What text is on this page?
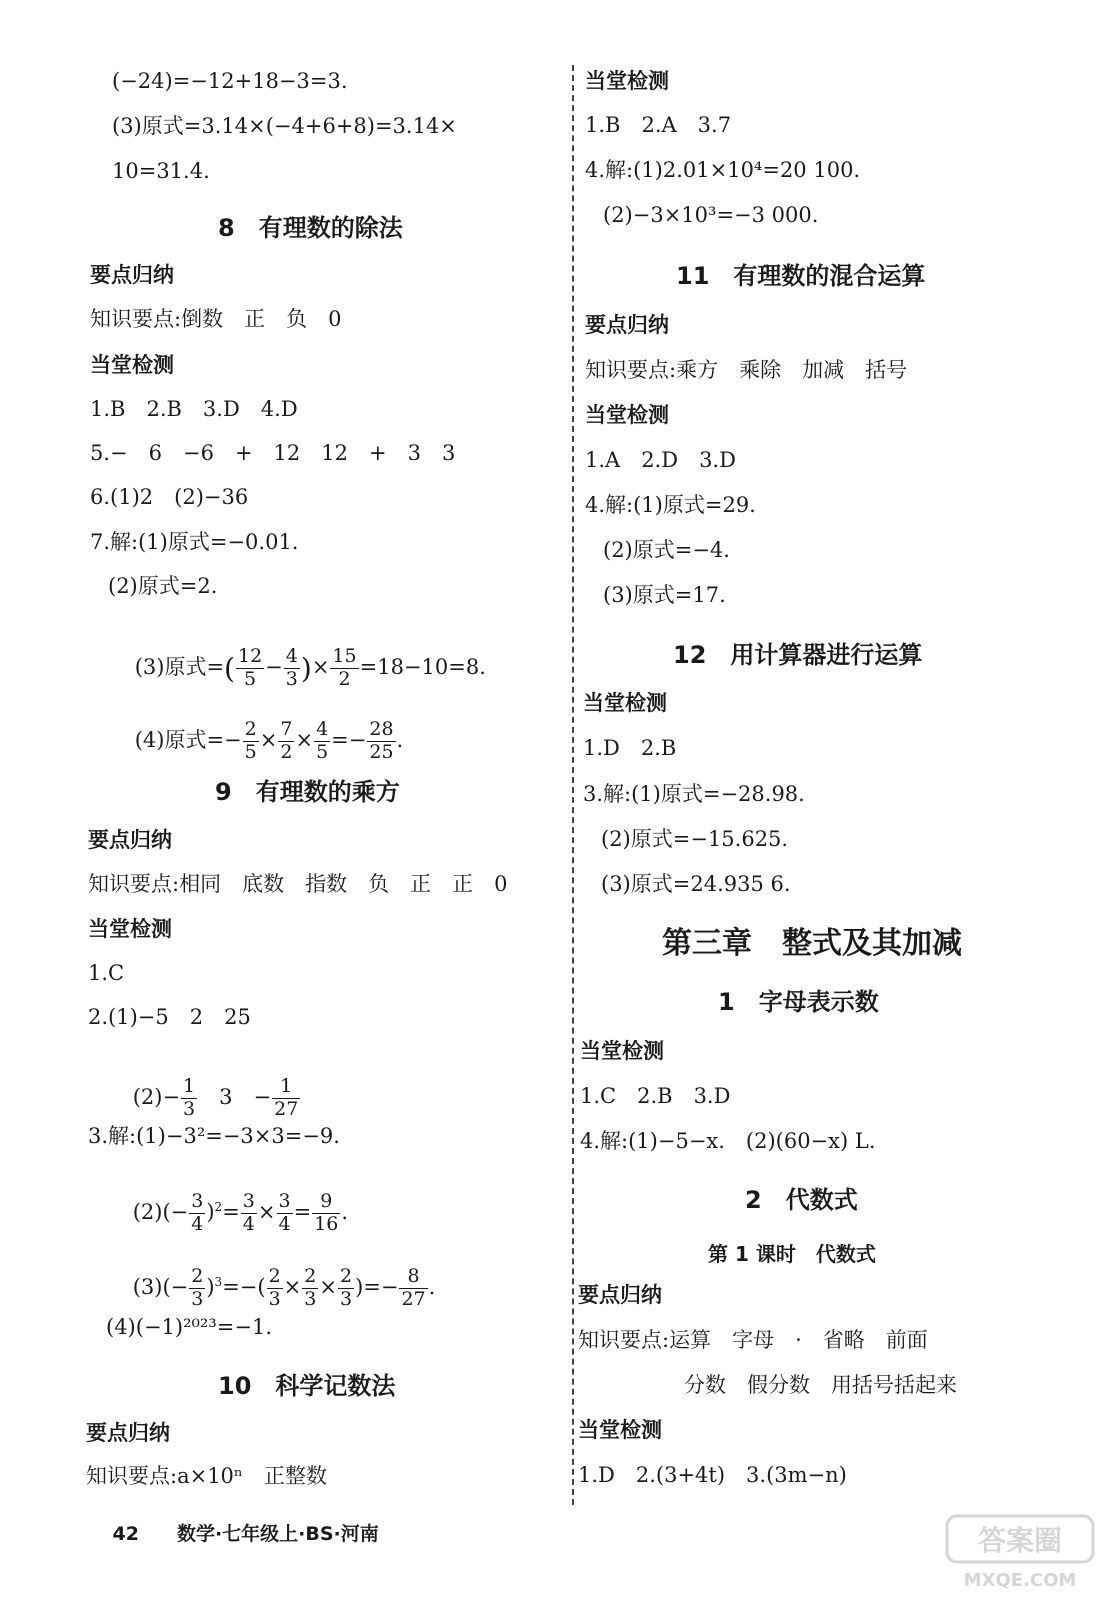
(−24)=−12+18−3=3.
(3)原式=3.14×(−4+6+8)=3.14×
10=31.4.
8　有理数的除法
要点归纳
知识要点:倒数　正　负　0
当堂检测
1.B　2.B　3.D　4.D
5.−　6　−6　+　12　12　+　3　3
6.(1)2　(2)−36
7.解:(1)原式=−0.01.
(2)原式=2.

(3)原式=( $\frac{12}{5} - \frac{4}{3}$ )× $\frac{15}{2} =18-10=8$.

(4)原式=− $\frac{2}{5} \times \frac{7}{2} \times \frac{4}{5} =- \frac{28}{25}$ .

9　有理数的乘方
要点归纳
知识要点:相同　底数　指数　负　正　正　0
当堂检测
1.C
2.(1)−5　2　25

$(2)- \frac{1}{3}$ 　3　− $\frac{1}{27}$

3.解:(1)−3²=−3×3=−9.

$(2)(- \frac{3}{4} )^2= \frac{3}{4} \times \frac{3}{4} = \frac{9}{16}$ .

$(3)(- \frac{2}{3} )^3=-( \frac{2}{3} \times \frac{2}{3} \times \frac{2}{3}$ )=− $\frac{8}{27}$ .

(4)(−1)²⁰²³=−1.
10　科学记数法
要点归纳
知识要点:a×10ⁿ　正整数
当堂检测
1.B　2.A　3.7
4.解:(1)2.01×10⁴=20 100.
(2)−3×10³=−3 000.
11　有理数的混合运算
要点归纳
知识要点:乘方　乘除　加减　括号
当堂检测
1.A　2.D　3.D
4.解:(1)原式=29.
(2)原式=−4.
(3)原式=17.
12　用计算器进行运算
当堂检测
1.D　2.B
3.解:(1)原式=−28.98.
(2)原式=−15.625.
(3)原式=24.935 6.
第三章　整式及其加减
1　字母表示数
当堂检测
1.C　2.B　3.D
4.解:(1)−5−x.　(2)(60−x) L.
2　代数式
第 1 课时　代数式
要点归纳
知识要点:运算　字母　·　省略　前面
分数　假分数　用括号括起来
当堂检测
1.D　2.(3+4t)　3.(3m−n)

42　　 数学·七年级上·BS·河南
	答案圈
MXQE.COM
